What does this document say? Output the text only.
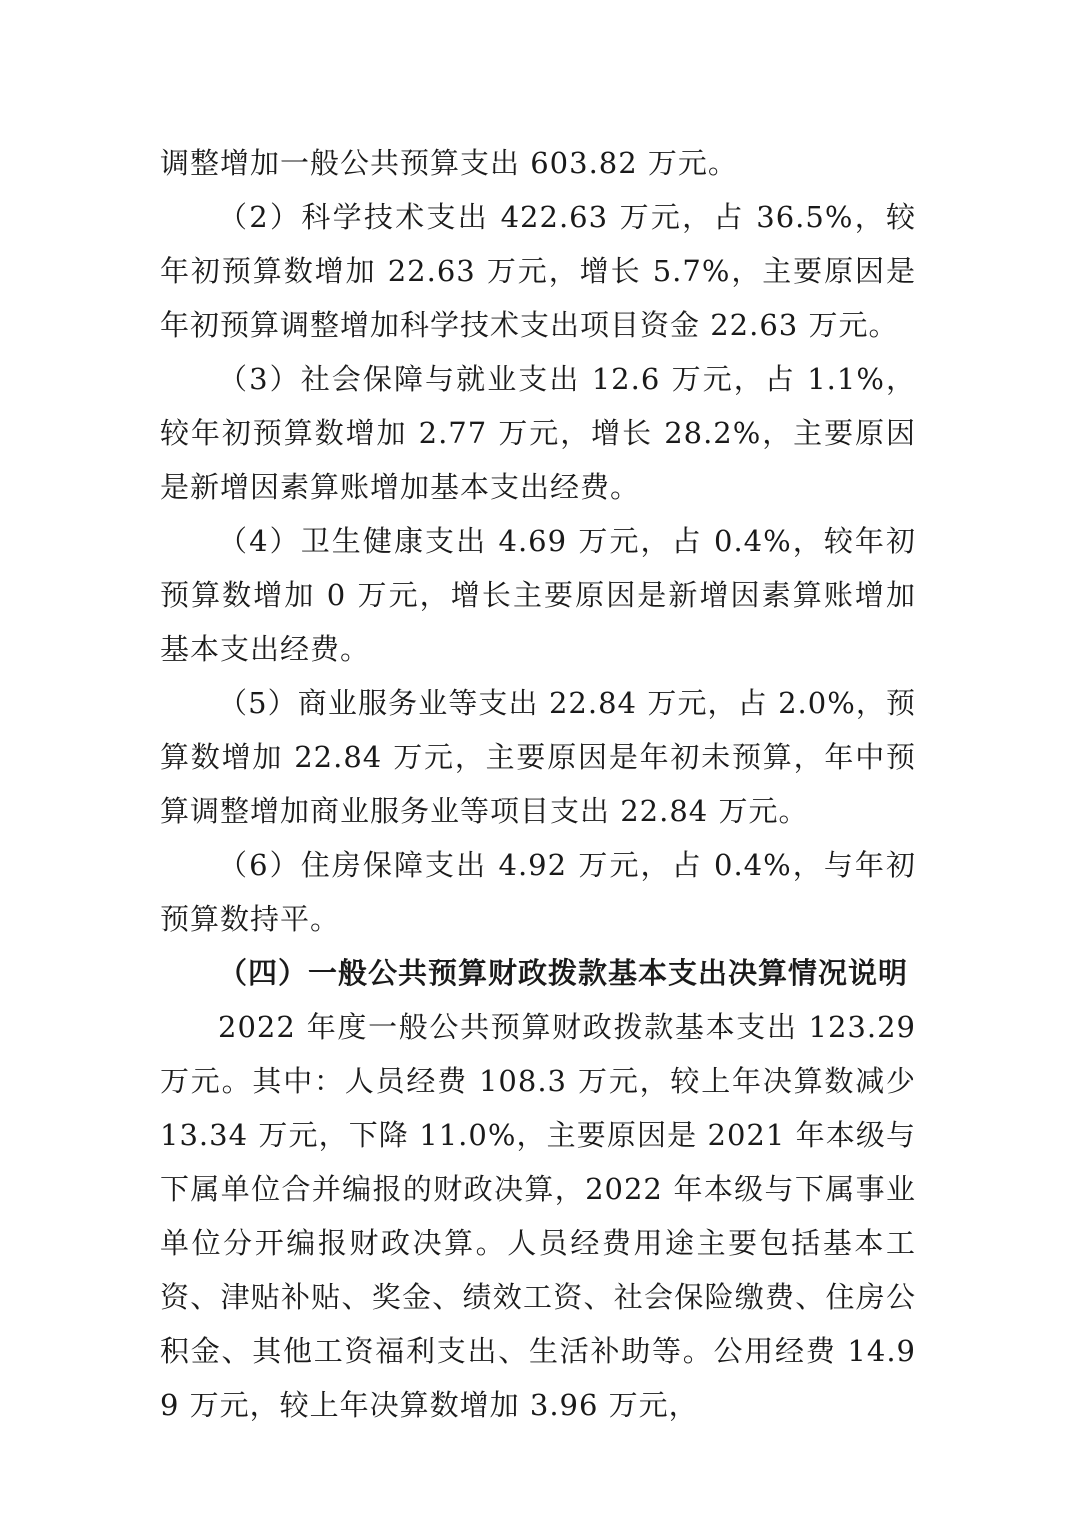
调整增加一般公共预算支出 603.82 万元。

（2）科学技术支出 422.63 万元，占 36.5%，较年初预算数增加 22.63 万元，增长 5.7%，主要原因是年初预算调整增加科学技术支出项目资金 22.63 万元。

（3）社会保障与就业支出 12.6 万元，占 1.1%，较年初预算数增加 2.77 万元，增长 28.2%，主要原因是新增因素算账增加基本支出经费。

（4）卫生健康支出 4.69 万元，占 0.4%，较年初预算数增加 0 万元，增长主要原因是新增因素算账增加基本支出经费。

（5）商业服务业等支出 22.84 万元，占 2.0%，预算数增加 22.84 万元，主要原因是年初未预算，年中预算调整增加商业服务业等项目支出 22.84 万元。

（6）住房保障支出 4.92 万元，占 0.4%，与年初预算数持平。

（四）一般公共预算财政拨款基本支出决算情况说明

2022 年度一般公共预算财政拨款基本支出 123.29 万元。其中：人员经费 108.3 万元，较上年决算数减少 13.34 万元，下降 11.0%，主要原因是 2021 年本级与下属单位合并编报的财政决算，2022 年本级与下属事业单位分开编报财政决算。人员经费用途主要包括基本工资、津贴补贴、奖金、绩效工资、社会保险缴费、住房公积金、其他工资福利支出、生活补助等。公用经费 14.99 万元，较上年决算数增加 3.96 万元，
